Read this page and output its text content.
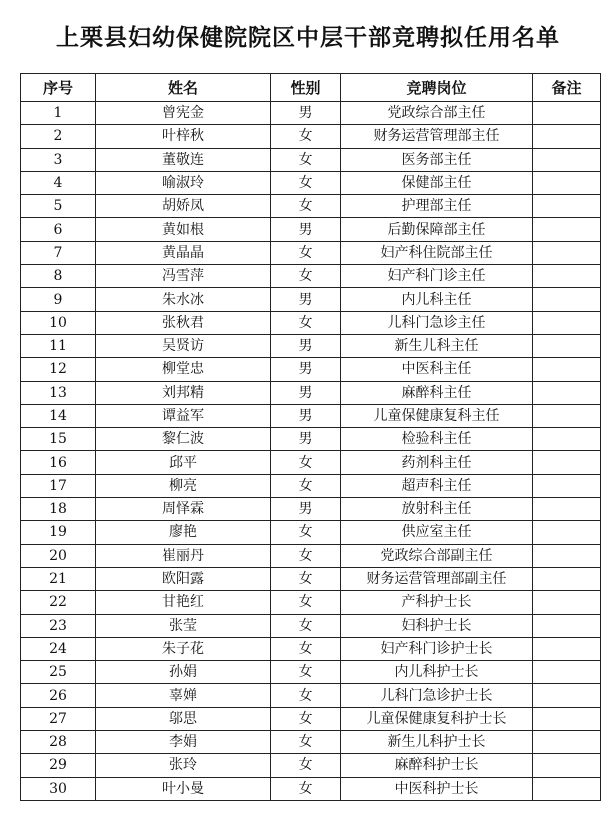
上栗县妇幼保健院院区中层干部竞聘拟任用名单
序号	姓名	性别	竞聘岗位	备注
1	曾宪金	男	党政综合部主任	
2	叶梓秋	女	财务运营管理部主任	
3	董敬连	女	医务部主任	
4	喻淑玲	女	保健部主任	
5	胡娇凤	女	护理部主任	
6	黄如根	男	后勤保障部主任	
7	黄晶晶	女	妇产科住院部主任	
8	冯雪萍	女	妇产科门诊主任	
9	朱水冰	男	内儿科主任	
10	张秋君	女	儿科门急诊主任	
11	吴贤访	男	新生儿科主任	
12	柳堂忠	男	中医科主任	
13	刘邦精	男	麻醉科主任	
14	谭益军	男	儿童保健康复科主任	
15	黎仁波	男	检验科主任	
16	邱平	女	药剂科主任	
17	柳亮	女	超声科主任	
18	周怿霖	男	放射科主任	
19	廖艳	女	供应室主任	
20	崔丽丹	女	党政综合部副主任	
21	欧阳露	女	财务运营管理部副主任	
22	甘艳红	女	产科护士长	
23	张莹	女	妇科护士长	
24	朱子花	女	妇产科门诊护士长	
25	孙娟	女	内儿科护士长	
26	辜婵	女	儿科门急诊护士长	
27	邬思	女	儿童保健康复科护士长	
28	李娟	女	新生儿科护士长	
29	张玲	女	麻醉科护士长	
30	叶小曼	女	中医科护士长	
